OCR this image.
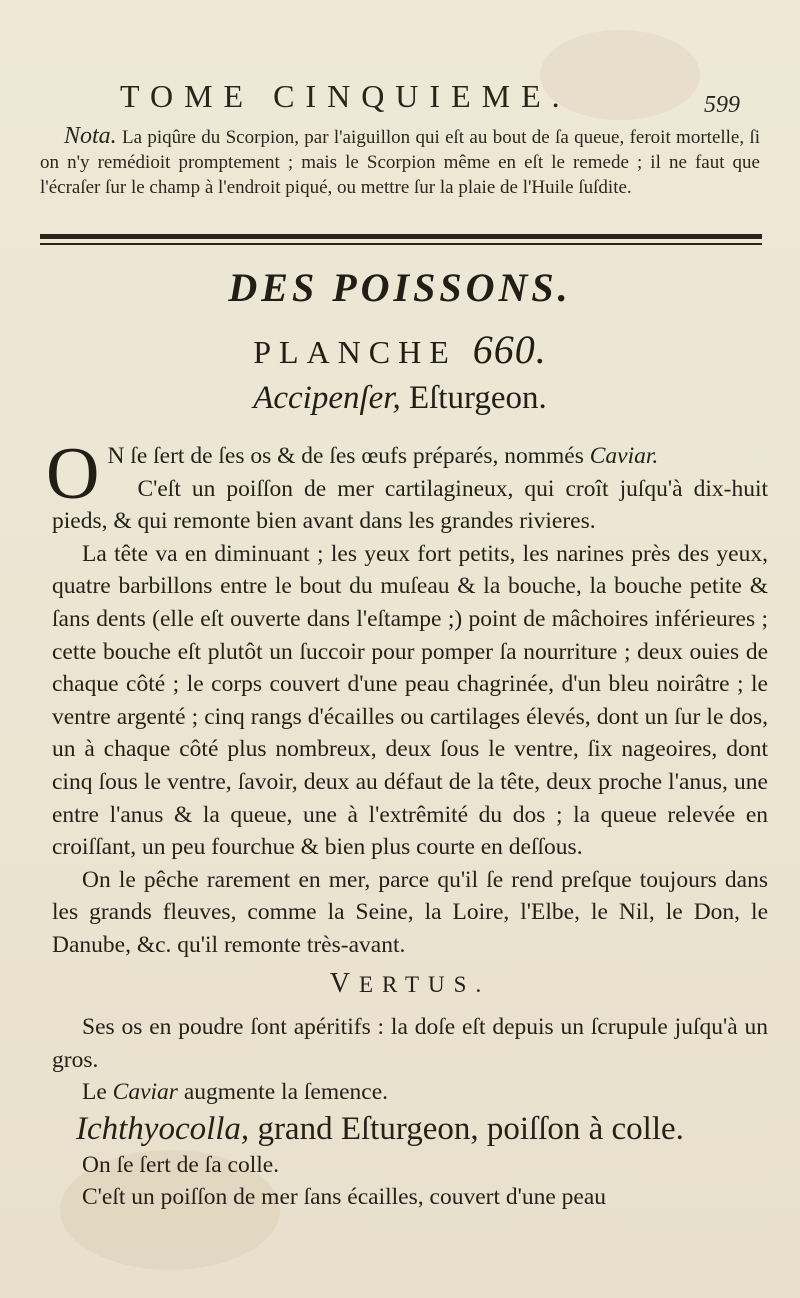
TOME CINQUIEME.	599
Nota. La piqûre du Scorpion, par l'aiguillon qui eſt au bout de ſa queue, feroit mortelle, ſi on n'y remédioit promptement ; mais le Scorpion même en eſt le remede ; il ne faut que l'écraſer ſur le champ à l'endroit piqué, ou mettre ſur la plaie de l'Huile ſuſdite.
DES POISSONS.
PLANCHE 660.
Accipenſer, Eſturgeon.

O N ſe ſert de ſes os & de ſes œufs préparés, nommés Caviar.

C'eſt un poiſſon de mer cartilagineux, qui croît juſqu'à dix-huit pieds, & qui remonte bien avant dans les grandes rivieres.

La tête va en diminuant ; les yeux fort petits, les narines près des yeux, quatre barbillons entre le bout du muſeau & la bouche, la bouche petite & ſans dents (elle eſt ouverte dans l'eſtampe ;) point de mâchoires inférieures ; cette bouche eſt plutôt un ſuccoir pour pomper ſa nourriture ; deux ouies de chaque côté ; le corps couvert d'une peau chagrinée, d'un bleu noirâtre ; le ventre argenté ; cinq rangs d'écailles ou cartilages élevés, dont un ſur le dos, un à chaque côté plus nombreux, deux ſous le ventre, ſix nageoires, dont cinq ſous le ventre, ſavoir, deux au défaut de la tête, deux proche l'anus, une entre l'anus & la queue, une à l'extrêmité du dos ; la queue relevée en croiſſant, un peu fourchue & bien plus courte en deſſous.

On le pêche rarement en mer, parce qu'il ſe rend preſque toujours dans les grands fleuves, comme la Seine, la Loire, l'Elbe, le Nil, le Don, le Danube, &c. qu'il remonte très-avant.

VERTUS.

Ses os en poudre ſont apéritifs : la doſe eſt depuis un ſcrupule juſqu'à un gros.

Le Caviar augmente la ſemence.

Ichthyocolla, grand Eſturgeon, poiſſon à colle.

On ſe ſert de ſa colle.

C'eſt un poiſſon de mer ſans écailles, couvert d'une peau
